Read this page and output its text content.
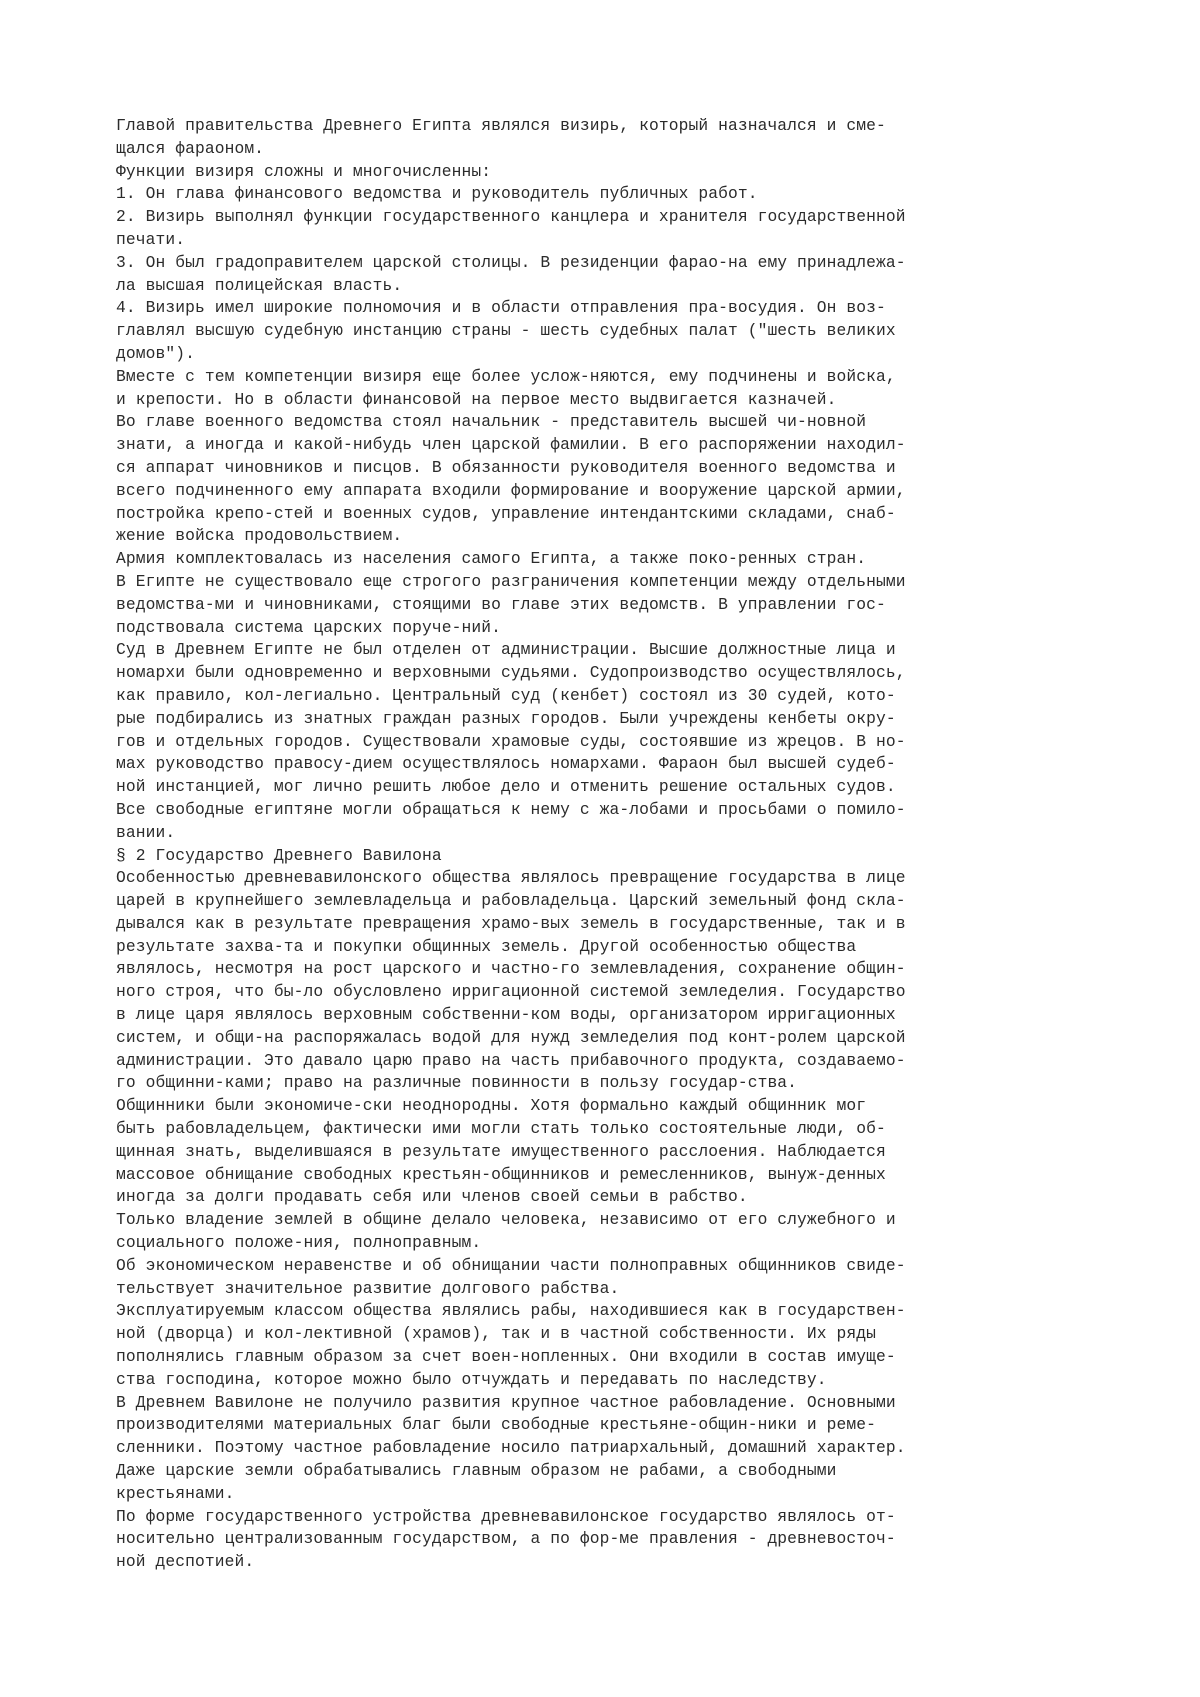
Главой правительства Древнего Египта являлся визирь, который назначался и сме-
щался фараоном.
Функции визиря сложны и многочисленны:
1. Он глава финансового ведомства и руководитель публичных работ.
2. Визирь выполнял функции государственного канцлера и хранителя государственной
печати.
3. Он был градоправителем царской столицы. В резиденции фарао-на ему принадлежа-
ла высшая полицейская власть.
4. Визирь имел широкие полномочия и в области отправления пра-восудия. Он воз-
главлял высшую судебную инстанцию страны - шесть судебных палат ("шесть великих
домов").
Вместе с тем компетенции визиря еще более услож-няются, ему подчинены и войска,
и крепости. Но в области финансовой на первое место выдвигается казначей.
Во главе военного ведомства стоял начальник - представитель высшей чи-новной
знати, а иногда и какой-нибудь член царской фамилии. В его распоряжении находил-
ся аппарат чиновников и писцов. В обязанности руководителя военного ведомства и
всего подчиненного ему аппарата входили формирование и вооружение царской армии,
постройка крепо-стей и военных судов, управление интендантскими складами, снаб-
жение войска продовольствием.
Армия комплектовалась из населения самого Египта, а также поко-ренных стран.
В Египте не существовало еще строгого разграничения компетенции между отдельными
ведомства-ми и чиновниками, стоящими во главе этих ведомств. В управлении гос-
подствовала система царских поруче-ний.
Суд в Древнем Египте не был отделен от администрации. Высшие должностные лица и
номархи были одновременно и верховными судьями. Судопроизводство осуществлялось,
как правило, кол-легиально. Центральный суд (кенбет) состоял из 30 судей, кото-
рые подбирались из знатных граждан разных городов. Были учреждены кенбеты окру-
гов и отдельных городов. Существовали храмовые суды, состоявшие из жрецов. В но-
мах руководство правосу-дием осуществлялось номархами. Фараон был высшей судеб-
ной инстанцией, мог лично решить любое дело и отменить решение остальных судов.
Все свободные египтяне могли обращаться к нему с жа-лобами и просьбами о помило-
вании.
§ 2 Государство Древнего Вавилона
Особенностью древневавилонского общества являлось превращение государства в лице
царей в крупнейшего землевладельца и рабовладельца. Царский земельный фонд скла-
дывался как в результате превращения храмо-вых земель в государственные, так и в
результате захва-та и покупки общинных земель. Другой особенностью общества
являлось, несмотря на рост царского и частно-го землевладения, сохранение общин-
ного строя, что бы-ло обусловлено ирригационной системой земледелия. Государство
в лице царя являлось верховным собственни-ком воды, организатором ирригационных
систем, и общи-на распоряжалась водой для нужд земледелия под конт-ролем царской
администрации. Это давало царю право на часть прибавочного продукта, создаваемо-
го общинни-ками; право на различные повинности в пользу государ-ства.
Общинники были экономиче-ски неоднородны. Хотя формально каждый общинник мог
быть рабовладельцем, фактически ими могли стать только состоятельные люди, об-
щинная знать, выделившаяся в результате имущественного расслоения. Наблюдается
массовое обнищание свободных крестьян-общинников и ремесленников, вынуж-денных
иногда за долги продавать себя или членов своей семьи в рабство.
Только владение землей в общине делало человека, независимо от его служебного и
социального положе-ния, полноправным.
Об экономическом неравенстве и об обнищании части полноправных общинников свиде-
тельствует значительное развитие долгового рабства.
Эксплуатируемым классом общества являлись рабы, находившиеся как в государствен-
ной (дворца) и кол-лективной (храмов), так и в частной собственности. Их ряды
пополнялись главным образом за счет воен-нопленных. Они входили в состав имуще-
ства господина, которое можно было отчуждать и передавать по наследству.
В Древнем Вавилоне не получило развития крупное частное рабовладение. Основными
производителями материальных благ были свободные крестьяне-общин-ники и реме-
сленники. Поэтому частное рабовладение носило патриархальный, домашний характер.
Даже царские земли обрабатывались главным образом не рабами, а свободными
крестьянами.
По форме государственного устройства древневавилонское государство являлось от-
носительно централизованным государством, а по фор-ме правления - древневосточ-
ной деспотией.
